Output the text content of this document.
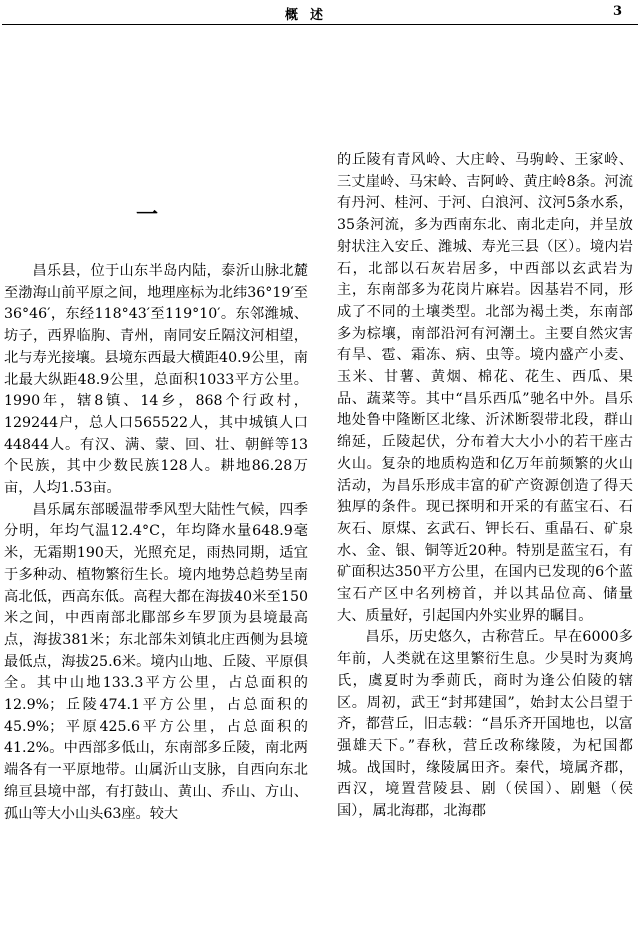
概述	3
一

昌乐县，位于山东半岛内陆，泰沂山脉北麓至渤海山前平原之间，地理座标为北纬36°19′至36°46′，东经118°43′至119°10′。东邻潍城、坊子，西界临朐、青州，南同安丘隔汶河相望，北与寿光接壤。县境东西最大横距40.9公里，南北最大纵距48.9公里，总面积1033平方公里。1990年，辖8镇、14乡，868个行政村，129244户，总人口565522人，其中城镇人口44844人。有汉、满、蒙、回、壮、朝鲜等13个民族，其中少数民族128人。耕地86.28万亩，人均1.53亩。

昌乐属东部暖温带季风型大陆性气候，四季分明，年均气温12.4°C，年均降水量648.9毫米，无霜期190天，光照充足，雨热同期，适宜于多种动、植物繁衍生长。境内地势总趋势呈南高北低，西高东低。高程大都在海拔40米至150米之间，中西南部北郿部乡车罗顶为县境最高点，海拔381米；东北部朱刘镇北庄西侧为县境最低点，海拔25.6米。境内山地、丘陵、平原俱全。其中山地133.3平方公里，占总面积的12.9%；丘陵474.1平方公里，占总面积的45.9%；平原425.6平方公里，占总面积的41.2%。中西部多低山，东南部多丘陵，南北两端各有一平原地带。山属沂山支脉，自西向东北绵亘县境中部，有打鼓山、黄山、乔山、方山、孤山等大小山头63座。较大

的丘陵有青风岭、大庄岭、马驹岭、王家岭、三丈崖岭、马宋岭、吉阿岭、黄庄岭8条。河流有丹河、桂河、于河、白浪河、汶河5条水系，35条河流，多为西南东北、南北走向，并呈放射状注入安丘、潍城、寿光三县（区）。境内岩石，北部以石灰岩居多，中西部以玄武岩为主，东南部多为花岗片麻岩。因基岩不同，形成了不同的土壤类型。北部为褐土类，东南部多为棕壤，南部沿河有河潮土。主要自然灾害有旱、雹、霜冻、病、虫等。境内盛产小麦、玉米、甘薯、黄烟、棉花、花生、西瓜、果品、蔬菜等。其中“昌乐西瓜”驰名中外。昌乐地处鲁中隆断区北缘、沂沭断裂带北段，群山绵延，丘陵起伏，分布着大大小小的若干座古火山。复杂的地质构造和亿万年前频繁的火山活动，为昌乐形成丰富的矿产资源创造了得天独厚的条件。现已探明和开采的有蓝宝石、石灰石、原煤、玄武石、钾长石、重晶石、矿泉水、金、银、铜等近20种。特别是蓝宝石，有矿面积达350平方公里，在国内已发现的6个蓝宝石产区中名列榜首，并以其品位高、储量大、质量好，引起国内外实业界的瞩目。

昌乐，历史悠久，古称营丘。早在6000多年前，人类就在这里繁衍生息。少昊时为爽鸠氏，虞夏时为季荝氏，商时为逢公伯陵的辖区。周初，武王“封邦建国”，始封太公吕望于齐，都营丘，旧志载：“昌乐齐开国地也，以富强雄天下。”春秋，营丘改称缘陵，为杞国都城。战国时，缘陵属田齐。秦代，境属齐郡，西汉，境置营陵县、剧（侯国）、剧魁（侯国），属北海郡，北海郡
